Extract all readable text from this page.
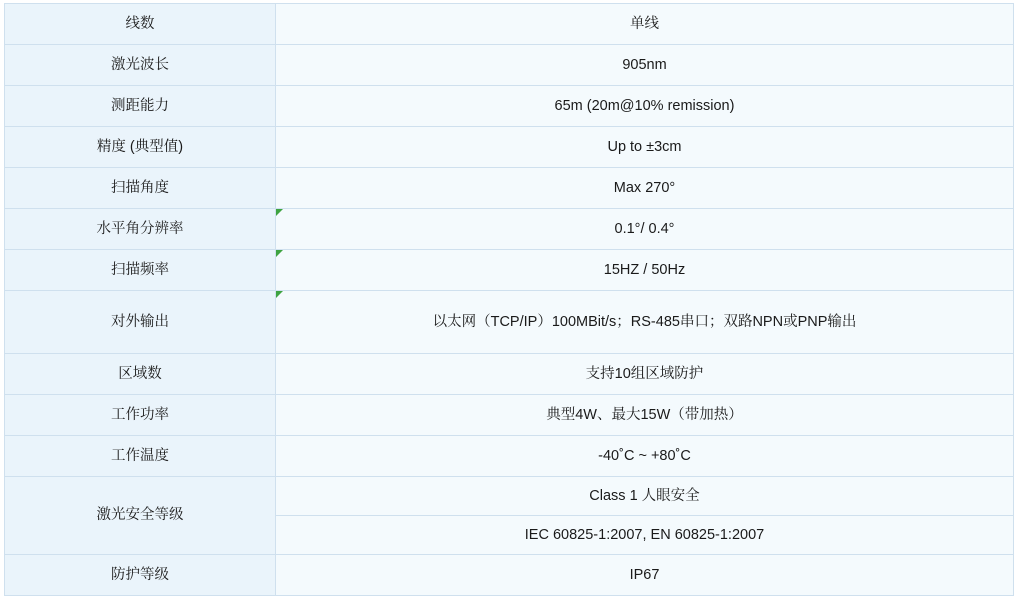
线数	单线
激光波长	905nm
测距能力	65m (20m@10% remission)
精度 (典型值)	Up to ±3cm
扫描角度	Max 270°
水平角分辨率	0.1°/ 0.4°

扫描频率	15HZ / 50Hz

对外输出	以太网（TCP/IP）100MBit/s；RS-485串口；双路NPN或PNP输出

区域数	支持10组区域防护
工作功率	典型4W、最大15W（带加热）
工作温度	-40˚C ~ +80˚C
激光安全等级	Class 1 人眼安全
	IEC 60825-1:2007, EN 60825-1:2007
防护等级	IP67
